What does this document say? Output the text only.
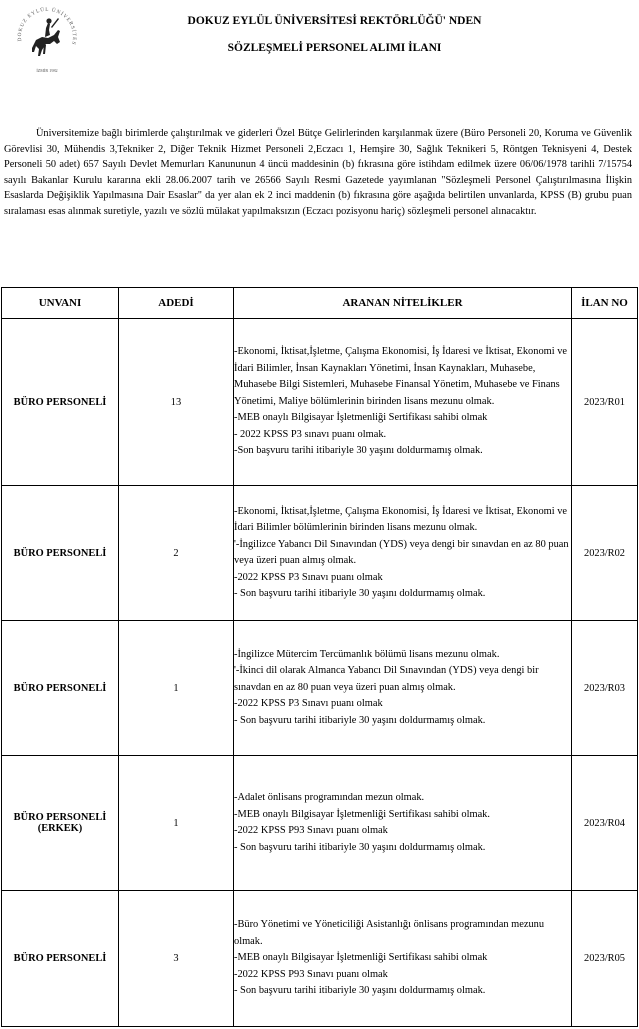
DOKUZ EYLÜL ÜNİVERSİTES
İZMİR 1982
DOKUZ EYLÜL ÜNİVERSİTESİ REKTÖRLÜĞÜ' NDEN
SÖZLEŞMELİ PERSONEL ALIMI İLANI
Üniversitemize bağlı birimlerde çalıştırılmak ve giderleri Özel Bütçe Gelirlerinden karşılanmak üzere (Büro Personeli 20, Koruma ve Güvenlik Görevlisi 30, Mühendis 3,Tekniker 2, Diğer Teknik Hizmet Personeli 2,Eczacı 1, Hemşire 30, Sağlık Teknikeri 5, Röntgen Teknisyeni 4, Destek Personeli 50 adet) 657 Sayılı Devlet Memurları Kanununun 4 üncü maddesinin (b) fıkrasına göre istihdam edilmek üzere 06/06/1978 tarihli 7/15754 sayılı Bakanlar Kurulu kararına ekli 28.06.2007 tarih ve 26566 Sayılı Resmi Gazetede yayımlanan "Sözleşmeli Personel Çalıştırılmasına İlişkin Esaslarda Değişiklik Yapılmasına Dair Esaslar" da yer alan ek 2 inci maddenin (b) fıkrasına göre aşağıda belirtilen unvanlarda, KPSS (B) grubu puan sıralaması esas alınmak suretiyle, yazılı ve sözlü mülakat yapılmaksızın (Eczacı pozisyonu hariç) sözleşmeli personel alınacaktır.
UNVANI	ADEDİ	ARANAN NİTELİKLER	İLAN NO
BÜRO PERSONELİ	13	-Ekonomi, İktisat,İşletme, Çalışma Ekonomisi, İş İdaresi ve İktisat, Ekonomi ve İdari Bilimler, İnsan Kaynakları Yönetimi, İnsan Kaynakları, Muhasebe, Muhasebe Bilgi Sistemleri, Muhasebe Finansal Yönetim, Muhasebe ve Finans Yönetimi, Maliye bölümlerinin birinden lisans mezunu olmak.
-MEB onaylı Bilgisayar İşletmenliği Sertifikası sahibi olmak
- 2022 KPSS P3 sınavı puanı olmak.
-Son başvuru tarihi itibariyle 30 yaşını doldurmamış olmak.	2023/R01
BÜRO PERSONELİ	2	-Ekonomi, İktisat,İşletme, Çalışma Ekonomisi, İş İdaresi ve İktisat, Ekonomi ve İdari Bilimler bölümlerinin birinden lisans mezunu olmak.
'-İngilizce Yabancı Dil Sınavından (YDS) veya dengi bir sınavdan en az 80 puan veya üzeri puan almış olmak.
-2022 KPSS P3 Sınavı puanı olmak
- Son başvuru tarihi itibariyle 30 yaşını doldurmamış olmak.	2023/R02
BÜRO PERSONELİ	1	-İngilizce Mütercim Tercümanlık bölümü lisans mezunu olmak.
'-İkinci dil olarak Almanca Yabancı Dil Sınavından (YDS) veya dengi bir sınavdan en az 80 puan veya üzeri puan almış olmak.
-2022 KPSS P3 Sınavı puanı olmak
- Son başvuru tarihi itibariyle 30 yaşını doldurmamış olmak.	2023/R03
BÜRO PERSONELİ (ERKEK)	1	-Adalet önlisans programından mezun olmak.
-MEB onaylı Bilgisayar İşletmenliği Sertifikası sahibi olmak.
-2022 KPSS P93 Sınavı puanı olmak
- Son başvuru tarihi itibariyle 30 yaşını doldurmamış olmak.	2023/R04
BÜRO PERSONELİ	3	-Büro Yönetimi ve Yöneticiliği Asistanlığı önlisans programından mezunu olmak.
-MEB onaylı Bilgisayar İşletmenliği Sertifikası sahibi olmak
-2022 KPSS P93 Sınavı puanı olmak
- Son başvuru tarihi itibariyle 30 yaşını doldurmamış olmak.	2023/R05
